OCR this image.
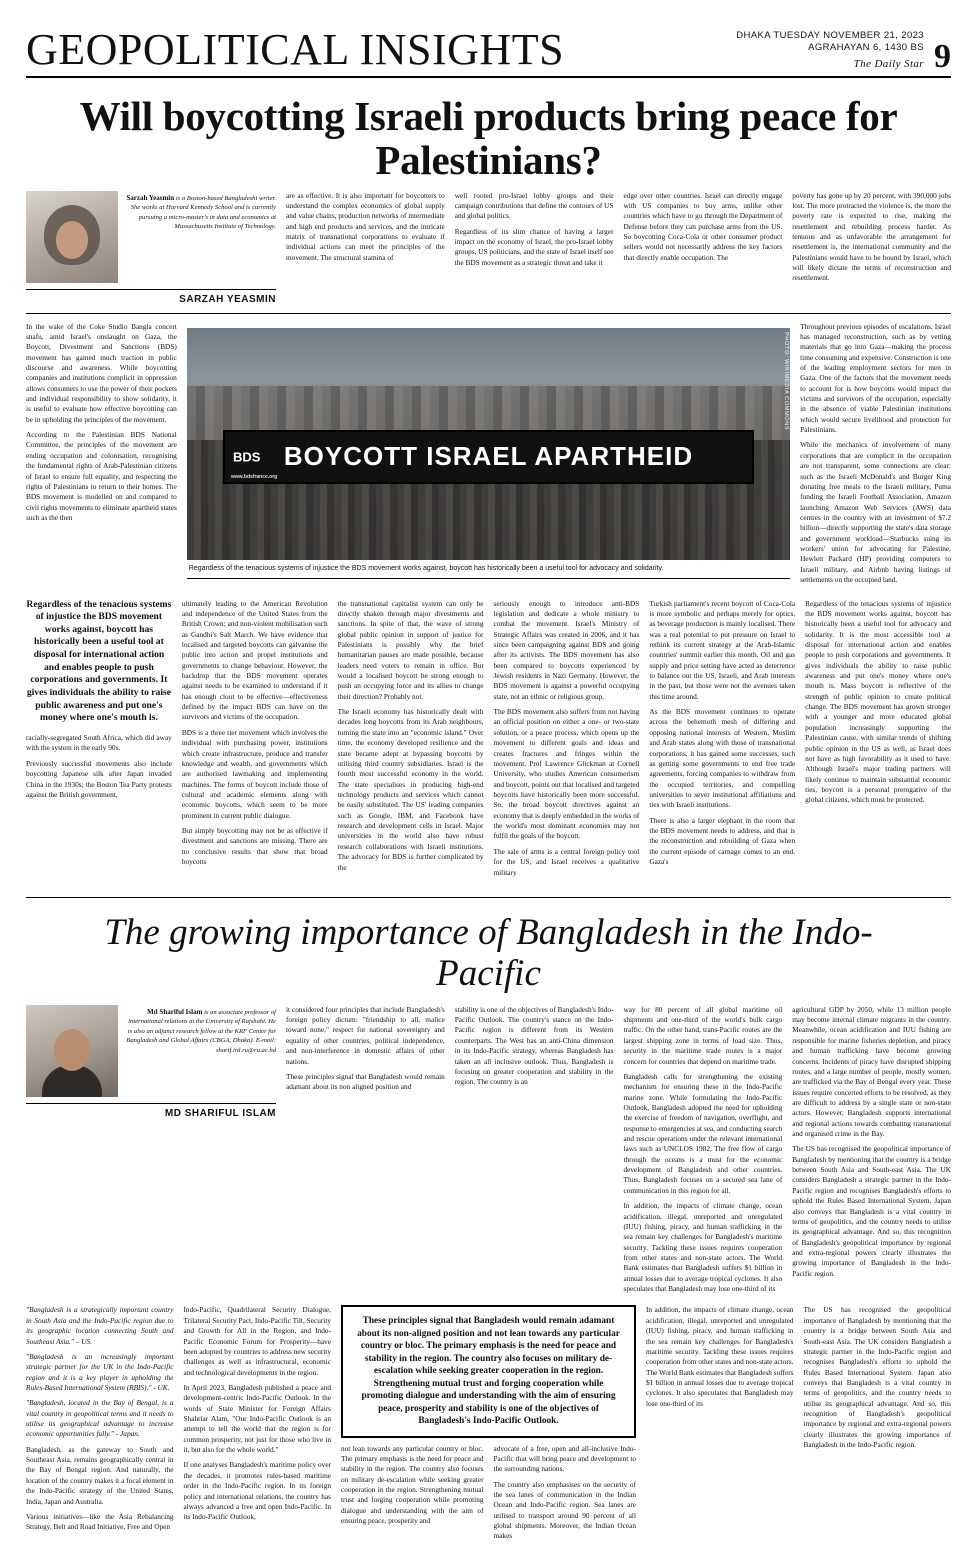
GEOPOLITICAL INSIGHTS	DHAKA TUESDAY NOVEMBER 21, 2023
AGRAHAYAN 6, 1430 BS
The Daily Star 9
Will boycotting Israeli products bring peace for Palestinians?
Sarzah Yeasmin is a Boston-based Bangladeshi writer. She works at Harvard Kennedy School and is currently pursuing a micro-master's in data and economics at Massachusetts Institute of Technology.
SARZAH YEASMIN

are as effective. It is also important for boycotters to understand the complex economics of global supply and value chains, production networks of intermediate and high end products and services, and the intricate matrix of transnational corporations to evaluate if individual actions can meet the principles of the movement. The structural stamina of

well rooted pro-Israel lobby groups and their campaign contributions that define the contours of US and global politics.

Regardless of its slim chance of having a larger impact on the economy of Israel, the pro-Israel lobby groups, US politicians, and the state of Israel itself see the BDS movement as a strategic threat and take it

edge over other countries. Israel can directly engage with US companies to buy arms, unlike other countries which have to go through the Department of Defense before they can purchase arms from the US. So boycotting Coca-Cola or other consumer product sellers would not necessarily address the key factors that directly enable occupation. The

poverty has gone up by 20 percent, with 390,000 jobs lost. The more protracted the violence is, the more the poverty rate is expected to rise, making the resettlement and rebuilding process harder. As tenuous and as unfavorable the arrangement for resettlement is, the international community and the Palestinians would have to be bound by Israel, which will likely dictate the terms of reconstruction and resettlement.

In the wake of the Coke Studio Bangla concert snafu, amid Israel's onslaught on Gaza, the Boycott, Divestment and Sanctions (BDS) movement has gained much traction in public discourse and awareness. While boycotting companies and institutions complicit in oppression allows consumers to use the power of their pockets and individual responsibility to show solidarity, it is useful to evaluate how effective boycotting can be in upholding the principles of the movement.

According to the Palestinian BDS National Committee, the principles of the movement are ending occupation and colonisation, recognising the fundamental rights of Arab-Palestinian citizens of Israel to ensure full equality, and respecting the rights of Palestinians to return to their homes. The BDS movement is modelled on and compared to civil rights movements to eliminate apartheid states such as the then

BDS BOYCOTT ISRAEL APARTHEID
www.bdsfrance.org
PHOTO: WIKIMEDIA COMMONS
Regardless of the tenacious systems of injustice the BDS movement works against, boycott has historically been a useful tool for advocacy and solidarity.

Throughout previous episodes of escalations, Israel has managed reconstruction, such as by vetting materials that go into Gaza—making the process time consuming and expensive. Construction is one of the leading employment sectors for men in Gaza. One of the factors that the movement needs to account for is how boycotts would impact the victims and survivors of the occupation, especially in the absence of viable Palestinian institutions which would secure livelihood and protection for Palestinians.

While the mechanics of involvement of many corporations that are complicit in the occupation are not transparent, some connections are clear: such as the Israeli McDonald's and Burger King donating free meals to the Israeli military, Puma funding the Israeli Football Association, Amazon launching Amazon Web Services (AWS) data centres in the country with an investment of $7.2 billion—directly supporting the state's data storage and government workload—Starbucks suing its workers' union for advocating for Palestine, Hewlett Packard (HP) providing computers to Israeli military, and Airbnb having listings of settlements on the occupied land.

Regardless of the tenacious systems of injustice the BDS movement works against, boycott has historically been a useful tool at disposal for international action and enables people to push corporations and governments. It gives individuals the ability to raise public awareness and put one's money where one's mouth is.

racially-segregated South Africa, which did away with the system in the early 90s.

Previously successful movements also include boycotting Japanese silk after Japan invaded China in the 1930s; the Boston Tea Party protests against the British government,

ultimately leading to the American Revolution and independence of the United States from the British Crown; and non-violent mobilisation such as Gandhi's Salt March. We have evidence that localised and targeted boycotts can galvanise the public into action and propel institutions and governments to change behaviour. However, the backdrop that the BDS movement operates against needs to be examined to understand if it has enough clout to be effective—effectiveness defined by the impact BDS can have on the survivors and victims of the occupation.

BDS is a three tier movement which involves the individual with purchasing power, institutions which create infrastructure, produce and transfer knowledge and wealth, and governments which are authorised lawmaking and implementing machines. The forms of boycott include those of cultural and academic elements along with economic boycotts, which seem to be more prominent in current public dialogue.

But simply boycotting may not be as effective if divestment and sanctions are missing. There are no conclusive results that show that broad boycotts

the transnational capitalist system can only be directly shaken through major divestments and sanctions. In spite of that, the wave of strong global public opinion in support of justice for Palestinians is possibly why the brief humanitarian pauses are made possible, because leaders need voters to remain in office. But would a localised boycott be strong enough to push an occupying force and its allies to change their direction? Probably not.

The Israeli economy has historically dealt with decades long boycotts from its Arab neighbours, turning the state into an "economic island." Over time, the economy developed resilience and the state became adept at bypassing boycotts by utilising third country subsidiaries. Israel is the fourth most successful economy in the world. The state specialises in producing high-end technology products and services which cannot be easily substituted. The US' leading companies such as Google, IBM, and Facebook have research and development cells in Israel. Major universities in the world also have robust research collaborations with Israeli institutions. The advocacy for BDS is further complicated by the

seriously enough to introduce anti-BDS legislation and dedicate a whole ministry to combat the movement. Israel's Ministry of Strategic Affairs was created in 2006, and it has since been campaigning against BDS and going after its activists. The BDS movement has also been compared to boycotts experienced by Jewish residents in Nazi Germany. However, the BDS movement is against a powerful occupying state, not an ethnic or religious group.

The BDS movement also suffers from not having an official position on either a one- or two-state solution, or a peace process, which opens up the movement to different goals and ideas and creates fractures and fringes within the movement. Prof Lawrence Glickman at Cornell University, who studies American consumerism and boycott, points out that localised and targeted boycotts have historically been more successful. So, the broad boycott directives against an economy that is deeply embedded in the works of the world's most dominant economies may not fulfil the goals of the boycott.

The sale of arms is a central foreign policy tool for the US, and Israel receives a qualitative military

Turkish parliament's recent boycott of Coca-Cola is more symbolic and perhaps merely for optics, as beverage production is mainly localised. There was a real potential to put pressure on Israel to rethink its current strategy at the Arab-Islamic countries' summit earlier this month. Oil and gas supply and price setting have acted as deterrence to balance out the US, Israeli, and Arab interests in the past, but those were not the avenues taken this time around.

As the BDS movement continues to operate across the behemoth mesh of differing and opposing national interests of Western, Muslim and Arab states along with those of transnational corporations, it has gained some successes, such as getting some governments to end free trade agreements, forcing companies to withdraw from the occupied territories, and compelling universities to sever institutional affiliations and ties with Israeli institutions.

There is also a larger elephant in the room that the BDS movement needs to address, and that is the reconstruction and rebuilding of Gaza when the current episode of carnage comes to an end. Gaza's

Regardless of the tenacious systems of injustice the BDS movement works against, boycott has historically been a useful tool for advocacy and solidarity. It is the most accessible tool at disposal for international action and enables people to push corporations and governments. It gives individuals the ability to raise public awareness and put one's money where one's mouth is. Mass boycott is reflective of the strength of public opinion to create political change. The BDS movement has grown stronger with a younger and more educated global population increasingly supporting the Palestinian cause, with similar trends of shifting public opinion in the US as well, as Israel does not have as high favorability as it used to have. Although Israel's major trading partners will likely continue to maintain substantial economic ties, boycott is a personal prerogative of the global citizens, which must be protected.

The growing importance of Bangladesh in the Indo-Pacific
Md Shariful Islam is an associate professor of international relations at the University of Rajshahi. He is also an adjunct research fellow at the KRF Center for Bangladesh and Global Affairs (CBGA, Dhaka). E-mail: sharif.ird.ru@ru.ac.bd
MD SHARIFUL ISLAM

it considered four principles that include Bangladesh's foreign policy dictum: "friendship to all, malice toward none," respect for national sovereignty and equality of other countries, political independence, and non-interference in domestic affairs of other nations.

These principles signal that Bangladesh would remain adamant about its non aligned position and

stability is one of the objectives of Bangladesh's Indo-Pacific Outlook. The country's stance on the Indo-Pacific region is different from its Western counterparts. The West has an anti-China dimension in its Indo-Pacific strategy, whereas Bangladesh has taken an all inclusive outlook. Thus, Bangladesh is focusing on greater cooperation and stability in the region. The country is an

way for 80 percent of all global maritime oil shipments and one-third of the world's bulk cargo traffic. On the other hand, trans-Pacific routes are the largest shipping zone in terms of load size. Thus, security in the maritime trade routes is a major concern for countries that depend on maritime trade.

Bangladesh calls for strengthening the existing mechanism for ensuring these in the Indo-Pacific marine zone. While formulating the Indo-Pacific Outlook, Bangladesh adopted the need for upholding the exercise of freedom of navigation, overflight, and response to emergencies at sea, and conducting search and rescue operations under the relevant international laws such as UNCLOS 1982. The free flow of cargo through the oceans is a must for the economic development of Bangladesh and other countries. Thus, Bangladesh focuses on a secured sea lane of communication in this region for all.

In addition, the impacts of climate change, ocean acidification, illegal, unreported and unregulated (IUU) fishing, piracy, and human trafficking in the sea remain key challenges for Bangladesh's maritime security. Tackling these issues requires cooperation from other states and non-state actors. The World Bank estimates that Bangladesh suffers $1 billion in annual losses due to average tropical cyclones. It also speculates that Bangladesh may lose one-third of its

agricultural GDP by 2050, while 13 million people may become internal climate migrants in the country. Meanwhile, ocean acidification and IUU fishing are responsible for marine fisheries depletion, and piracy and human trafficking have become growing concerns. Incidents of piracy have disrupted shipping routes, and a large number of people, mostly women, are trafficked via the Bay of Bengal every year. These issues require concerted efforts to be resolved, as they are difficult to address by a single state or non-state actors. However, Bangladesh supports international and regional actions towards combating transnational and organised crime in the Bay.

The US has recognised the geopolitical importance of Bangladesh by mentioning that the country is a bridge between South Asia and South-east Asia. The UK considers Bangladesh a strategic partner in the Indo-Pacific region and recognises Bangladesh's efforts to uphold the Rules Based International System. Japan also conveys that Bangladesh is a vital country in terms of geopolitics, and the country needs to utilise its geographical advantage. And so, this recognition of Bangladesh's geopolitical importance by regional and extra-regional powers clearly illustrates the growing importance of Bangladesh in the Indo-Pacific region.

"Bangladesh is a strategically important country in South Asia and the Indo-Pacific region due to its geographic location connecting South and Southeast Asia." – US.

"Bangladesh is an increasingly important strategic partner for the UK in the Indo-Pacific region and it is a key player in upholding the Rules-Based International System (RBIS)." - UK.

"Bangladesh, located in the Bay of Bengal, is a vital country in geopolitical terms and it needs to utilise its geographical advantage to increase economic opportunities fully." - Japan.

Bangladesh, as the gateway to South and Southeast Asia, remains geographically central in the Bay of Bengal region. And naturally, the location of the country makes it a focal element in the Indo-Pacific strategy of the United States, India, Japan and Australia.

Various initiatives—like the Asia Rebalancing Strategy, Belt and Road Initiative, Free and Open

Indo-Pacific, Quadrilateral Security Dialogue, Trilateral Security Pact, Indo-Pacific Tilt, Security and Growth for All in the Region, and Indo-Pacific Economic Forum for Prosperity—have been adopted by countries to address new security challenges as well as infrastructural, economic and technological developments in the region.

In April 2023, Bangladesh published a peace and development-centric Indo-Pacific Outlook. In the words of State Minister for Foreign Affairs Shahriar Alam, "Our Indo-Pacific Outlook is an attempt to tell the world that the region is for common prosperity, not just for those who live in it, but also for the whole world."

If one analyses Bangladesh's maritime policy over the decades, it promotes rules-based maritime order in the Indo-Pacific region. In its foreign policy and international relations, the country has always advanced a free and open Indo-Pacific. In its Indo-Pacific Outlook,

These principles signal that Bangladesh would remain adamant about its non-aligned position and not lean towards any particular country or bloc. The primary emphasis is the need for peace and stability in the region. The country also focuses on military de-escalation while seeking greater cooperation in the region. Strengthening mutual trust and forging cooperation while promoting dialogue and understanding with the aim of ensuring peace, prosperity and stability is one of the objectives of Bangladesh's Indo-Pacific Outlook.

not lean towards any particular country or bloc. The primary emphasis is the need for peace and stability in the region. The country also focuses on military de-escalation while seeking greater cooperation in the region. Strengthening mutual trust and forging cooperation while promoting dialogue and understanding with the aim of ensuring peace, prosperity and

advocate of a free, open and all-inclusive Indo-Pacific that will bring peace and development to the surrounding nations.

The country also emphasises on the security of the sea lanes of communication in the Indian Ocean and Indo-Pacific region. Sea lanes are utilised to transport around 90 percent of all global shipments. Moreover, the Indian Ocean makes

In addition, the impacts of climate change, ocean acidification, illegal, unreported and unregulated (IUU) fishing, piracy, and human trafficking in the sea remain key challenges for Bangladesh's maritime security. Tackling these issues requires cooperation from other states and non-state actors. The World Bank estimates that Bangladesh suffers $1 billion in annual losses due to average tropical cyclones. It also speculates that Bangladesh may lose one-third of its

The US has recognised the geopolitical importance of Bangladesh by mentioning that the country is a bridge between South Asia and South-east Asia. The UK considers Bangladesh a strategic partner in the Indo-Pacific region and recognises Bangladesh's efforts to uphold the Rules Based International System. Japan also conveys that Bangladesh is a vital country in terms of geopolitics, and the country needs to utilise its geographical advantage. And so, this recognition of Bangladesh's geopolitical importance by regional and extra-regional powers clearly illustrates the growing importance of Bangladesh in the Indo-Pacific region.
